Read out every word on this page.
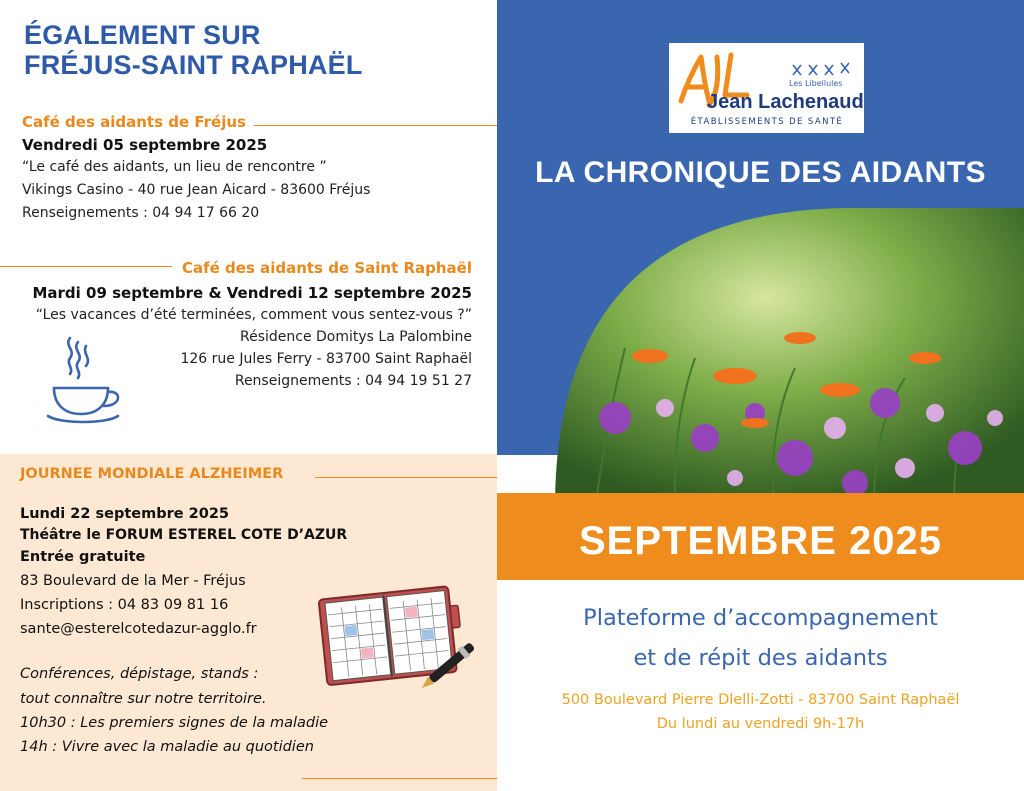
ÉGALEMENT SUR
FRÉJUS-SAINT RAPHAËL
Café des aidants de Fréjus
Vendredi 05 septembre 2025
“Le café des aidants, un lieu de rencontre ”
Vikings Casino - 40 rue Jean Aicard - 83600 Fréjus
Renseignements : 04 94 17 66 20
Café des aidants de Saint Raphaël
Mardi 09 septembre & Vendredi 12 septembre 2025
“Les vacances d’été terminées, comment vous sentez-vous ?”
Résidence Domitys La Palombine
126 rue Jules Ferry - 83700 Saint Raphaël
Renseignements : 04 94 19 51 27
JOURNEE MONDIALE ALZHEIMER
Lundi 22 septembre 2025
Théâtre le FORUM ESTEREL COTE D’AZUR
Entrée gratuite
83 Boulevard de la Mer - Fréjus
Inscriptions : 04 83 09 81 16
sante@esterelcotedazur-agglo.fr
Conférences, dépistage, stands :
tout connaître sur notre territoire.
10h30 : Les premiers signes de la maladie
14h : Vivre avec la maladie au quotidien
Les Libellules
Jean Lachenaud
ÉTABLISSEMENTS DE SANTÉ
LA CHRONIQUE DES AIDANTS
SEPTEMBRE 2025
Plateforme d’accompagnement
et de répit des aidants
500 Boulevard Pierre Dlelli-Zotti - 83700 Saint Raphaël
Du lundi au vendredi 9h-17h
